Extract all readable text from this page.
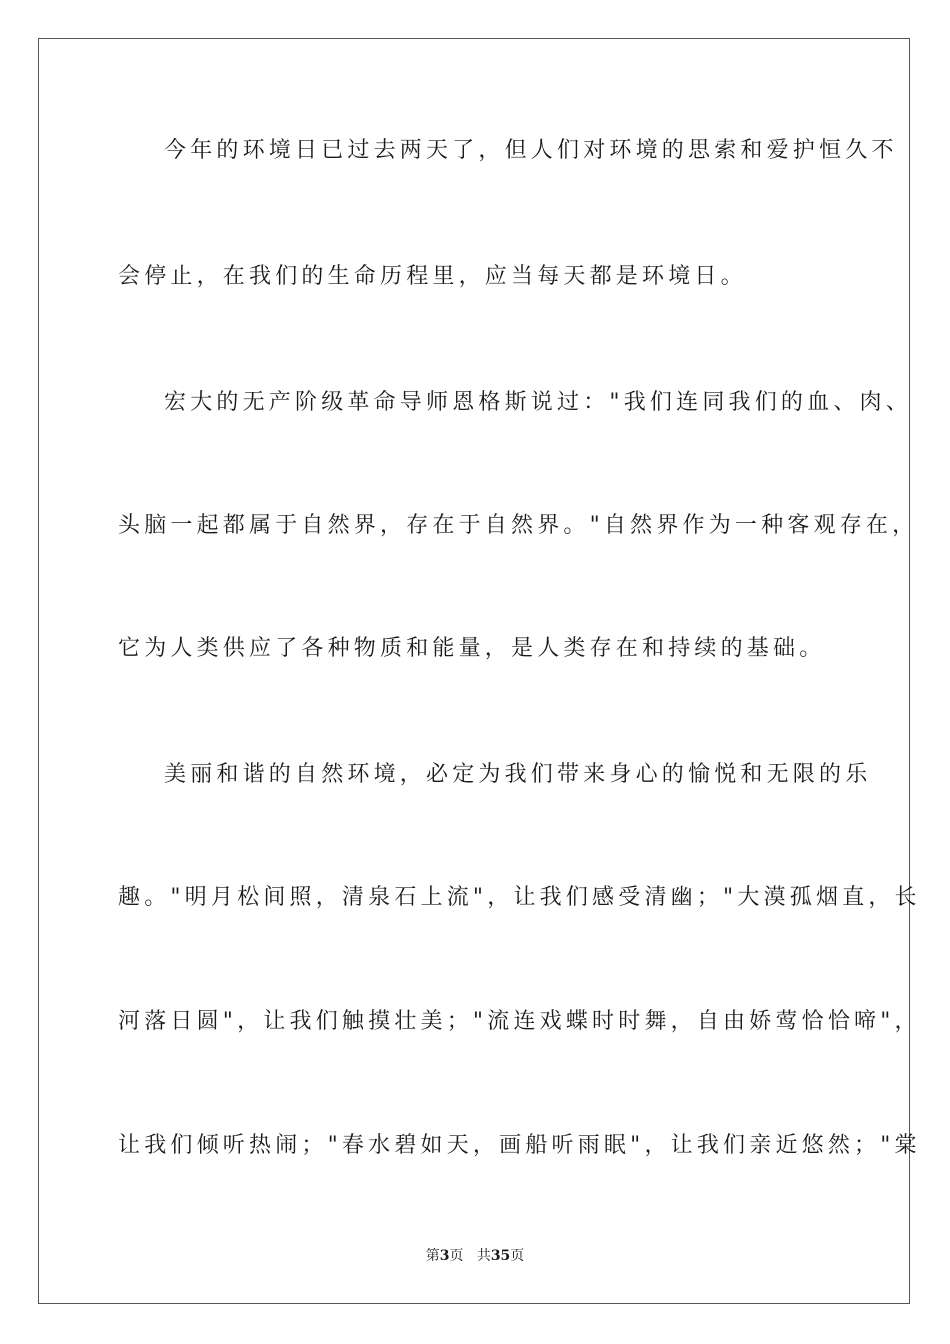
今年的环境日已过去两天了，但人们对环境的思索和爱护恒久不
会停止，在我们的生命历程里，应当每天都是环境日。
宏大的无产阶级革命导师恩格斯说过："我们连同我们的血、肉、
头脑一起都属于自然界，存在于自然界。"自然界作为一种客观存在，
它为人类供应了各种物质和能量，是人类存在和持续的基础。
美丽和谐的自然环境，必定为我们带来身心的愉悦和无限的乐
趣。"明月松间照，清泉石上流"，让我们感受清幽；"大漠孤烟直，长
河落日圆"，让我们触摸壮美；"流连戏蝶时时舞，自由娇莺恰恰啼"，
让我们倾听热闹；"春水碧如天，画船听雨眠"，让我们亲近悠然；"棠
第3页 共35页
